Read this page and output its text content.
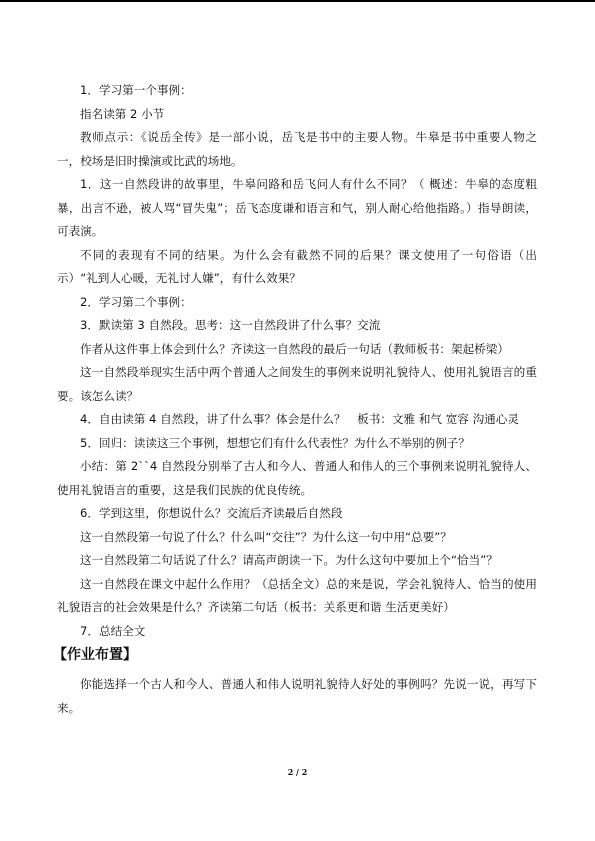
1．学习第一个事例：

指名读第 2 小节

教师点示：《说岳全传》是一部小说，岳飞是书中的主要人物。牛皋是书中重要人物之一，校场是旧时操演或比武的场地。

1．这一自然段讲的故事里，牛皋问路和岳飞问人有什么不同？（ 概述：牛皋的态度粗暴，出言不逊，被人骂“冒失鬼”；岳飞态度谦和语言和气，别人耐心给他指路。）指导朗读，可表演。

不同的表现有不同的结果。为什么会有截然不同的后果？课文使用了一句俗语（出示）“礼到人心暖，无礼讨人嫌”，有什么效果？

2．学习第二个事例：

3．默读第 3 自然段。思考：这一自然段讲了什么事？交流

作者从这件事上体会到什么？齐读这一自然段的最后一句话（教师板书：架起桥梁）

这一自然段举现实生活中两个普通人之间发生的事例来说明礼貌待人、使用礼貌语言的重要。该怎么读？

4．自由读第 4 自然段，讲了什么事？体会是什么？　板书：文雅 和气 宽容 沟通心灵

5．回归：读读这三个事例，想想它们有什么代表性？为什么不举别的例子？

小结：第 2``4 自然段分别举了古人和今人、普通人和伟人的三个事例来说明礼貌待人、使用礼貌语言的重要，这是我们民族的优良传统。

6．学到这里，你想说什么？交流后齐读最后自然段

这一自然段第一句说了什么？什么叫“交往”？为什么这一句中用“总要”？

这一自然段第二句话说了什么？请高声朗读一下。为什么这句中要加上个“恰当”？

这一自然段在课文中起什么作用？（总括全文）总的来是说，学会礼貌待人、恰当的使用礼貌语言的社会效果是什么？齐读第二句话（板书：关系更和谐 生活更美好）

7．总结全文

【作业布置】

你能选择一个古人和今人、普通人和伟人说明礼貌待人好处的事例吗？先说一说，再写下来。

2 / 2
